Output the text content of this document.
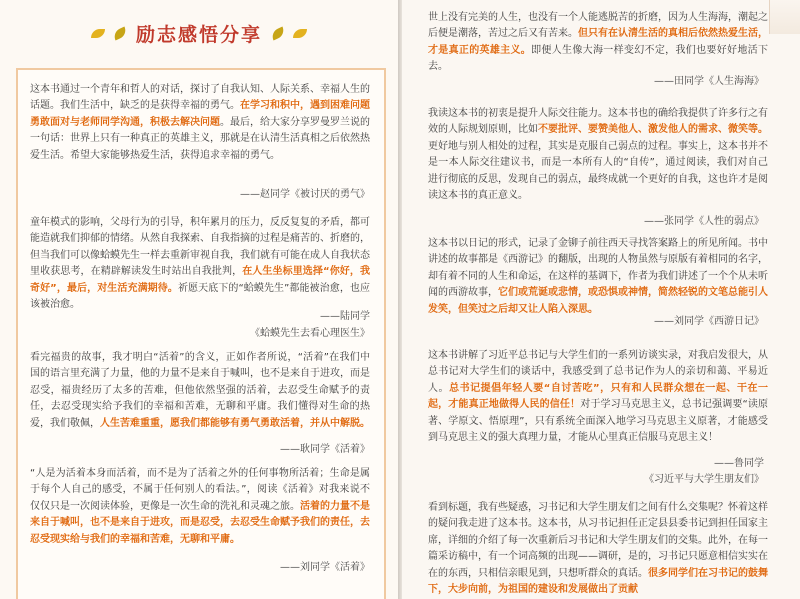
励志感悟分享

这本书通过一个青年和哲人的对话，探讨了自我认知、人际关系、幸福人生的话题。我们生活中，缺乏的是获得幸福的勇气。在学习和积中，遇到困难问题勇敢面对与老师同学沟通，积极去解决问题。最后，给大家分享罗曼罗兰说的一句话：世界上只有一种真正的英雄主义，那就是在认清生活真相之后依然热爱生活。希望大家能够热爱生活，获得追求幸福的勇气。

——赵同学《被讨厌的勇气》

童年模式的影响，父母行为的引导，积年累月的压力，反反复复的矛盾，都可能造就我们抑郁的情绪。从然自我探索、自我指摘的过程是痛苦的、折磨的，但当我们可以像蛤蟆先生一样去重新审视自我，我们就有可能在成人自我状态里收获思考，在精辟解读发生时站出自我批判，在人生坐标里选择“你好，我奇好”，最后，对生活充满期待。祈愿天底下的“蛤蟆先生”都能被治愈，也应该被治愈。

——陆同学

《蛤蟆先生去看心理医生》

看完福贵的故事，我才明白“活着”的含义，正如作者所说，“活着”在我们中国的语言里充满了力量，他的力量不是来自于喊叫，也不是来自于进攻，而是忍受，福贵经历了太多的苦难，但他依然坚强的活着，去忍受生命赋予的责任，去忍受现实给予我们的幸福和苦难，无聊和平庸。我们懂得对生命的热爱，我们敬佩，人生苦难重重，愿我们都能够有勇气勇敢活着，并从中解脱。

——耿同学《活着》

“人是为活着本身而活着，而不是为了活着之外的任何事物所活着；生命是属于每个人自己的感受，不属于任何别人的看法。”，阅读《活着》对我来说不仅仅只是一次阅读体验，更像是一次生命的洗礼和灵魂之旅。活着的力量不是来自于喊叫，也不是来自于进攻，而是忍受，去忍受生命赋予我们的责任，去忍受现实给与我们的幸福和苦难，无聊和平庸。

——刘同学《活着》

世上没有完美的人生，也没有一个人能逃脱苦的折磨，因为人生海海，潮起之后便是潮落，苦过之后又有苦来。但只有在认清生活的真相后依然热爱生活，才是真正的英雄主义。即便人生像大海一样变幻不定，我们也要好好地活下去。

——田同学《人生海海》

我读这本书的初衷是提升人际交往能力。这本书也的确给我提供了许多行之有效的人际规划原则，比如不要批评、要赞美他人、激发他人的需求、微笑等。更好地与别人相处的过程，其实是克服自己弱点的过程。事实上，这本书并不是一本人际交往建议书，而是一本所有人的“自传”，通过阅读，我们对自己进行彻底的反思，发现自己的弱点，最终成就一个更好的自我，这也许才是阅读这本书的真正意义。

——张同学《人性的弱点》

这本书以日记的形式，记录了金铆子前往西天寻找答案路上的所见所闻。书中讲述的故事都是《西游记》的翻版，出现的人物虽然与原版有着相同的名字，却有着不同的人生和命运，在这样的基调下，作者为我们讲述了一个个从未听闻的西游故事，它们或荒诞或悲情，或恐惧或神情，简然轻锐的文笔总能引人发笑，但笑过之后却又让人陷入深思。

——刘同学《西游日记》

这本书讲解了习近平总书记与大学生们的一系列访谈实录，对我启发很大，从总书记对大学生们的谈话中，我感受到了总书记作为人的亲切和蔼、平易近人。总书记提倡年轻人要“自讨苦吃”，只有和人民群众想在一起、干在一起，才能真正地做得人民的信任！对于学习马克思主义，总书记强调要“读原著、学原文、悟原理”，只有系统全面深入地学习马克思主义原著，才能感受到马克思主义的强大真理力量，才能从心里真正信服马克思主义！

——鲁同学

《习近平与大学生朋友们》

看到标题，我有些疑惑，习书记和大学生朋友们之间有什么交集呢？怀着这样的疑问我走进了这本书。这本书，从习书记担任正定县县委书记到担任国家主席，详细的介绍了每一次重新后习书记和大学生朋友们的交集。此外，在每一篇采访稿中，有一个词高频的出现——调研，是的，习书记只愿意相信实实在在的东西，只相信亲眼见到，只想听群众的真话。很多同学们在习书记的鼓舞下，大步向前，为祖国的建设和发展做出了贡献
